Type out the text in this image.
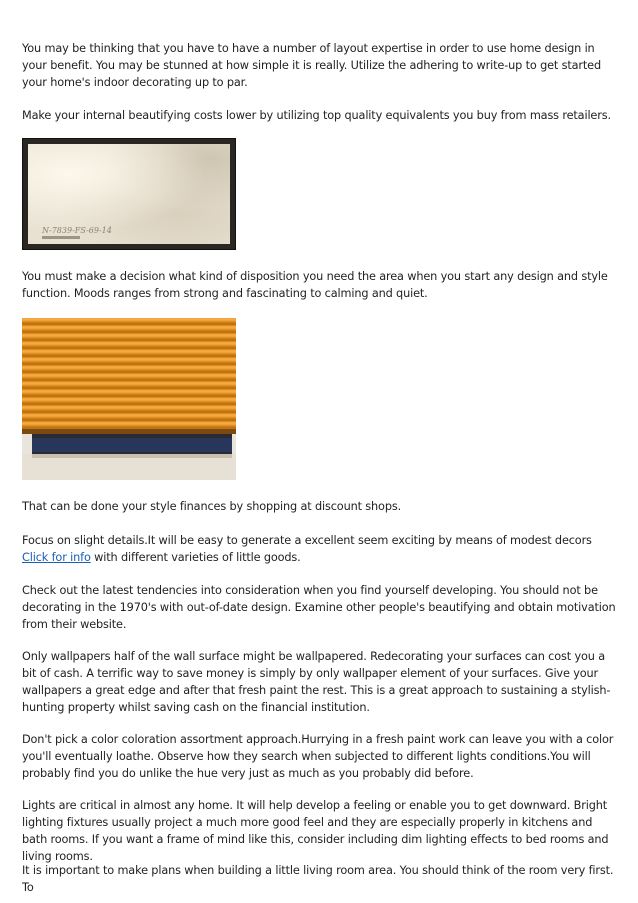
You may be thinking that you have to have a number of layout expertise in order to use home design in your benefit. You may be stunned at how simple it is really. Utilize the adhering to write-up to get started your home's indoor decorating up to par.

Make your internal beautifying costs lower by utilizing top quality equivalents you buy from mass retailers.

N-7839-FS-69-14

You must make a decision what kind of disposition you need the area when you start any design and style function. Moods ranges from strong and fascinating to calming and quiet.

That can be done your style finances by shopping at discount shops.

Focus on slight details.It will be easy to generate a excellent seem exciting by means of modest decors Click for info with different varieties of little goods.

Check out the latest tendencies into consideration when you find yourself developing. You should not be decorating in the 1970's with out-of-date design. Examine other people's beautifying and obtain motivation from their website.

Only wallpapers half of the wall surface might be wallpapered. Redecorating your surfaces can cost you a bit of cash. A terrific way to save money is simply by only wallpaper element of your surfaces. Give your wallpapers a great edge and after that fresh paint the rest. This is a great approach to sustaining a stylish-hunting property whilst saving cash on the financial institution.

Don't pick a color coloration assortment approach.Hurrying in a fresh paint work can leave you with a color you'll eventually loathe. Observe how they search when subjected to different lights conditions.You will probably find you do unlike the hue very just as much as you probably did before.

Lights are critical in almost any home. It will help develop a feeling or enable you to get downward. Bright lighting fixtures usually project a much more good feel and they are especially properly in kitchens and bath rooms. If you want a frame of mind like this, consider including dim lighting effects to bed rooms and living rooms.

It is important to make plans when building a little living room area. You should think of the room very first. To
